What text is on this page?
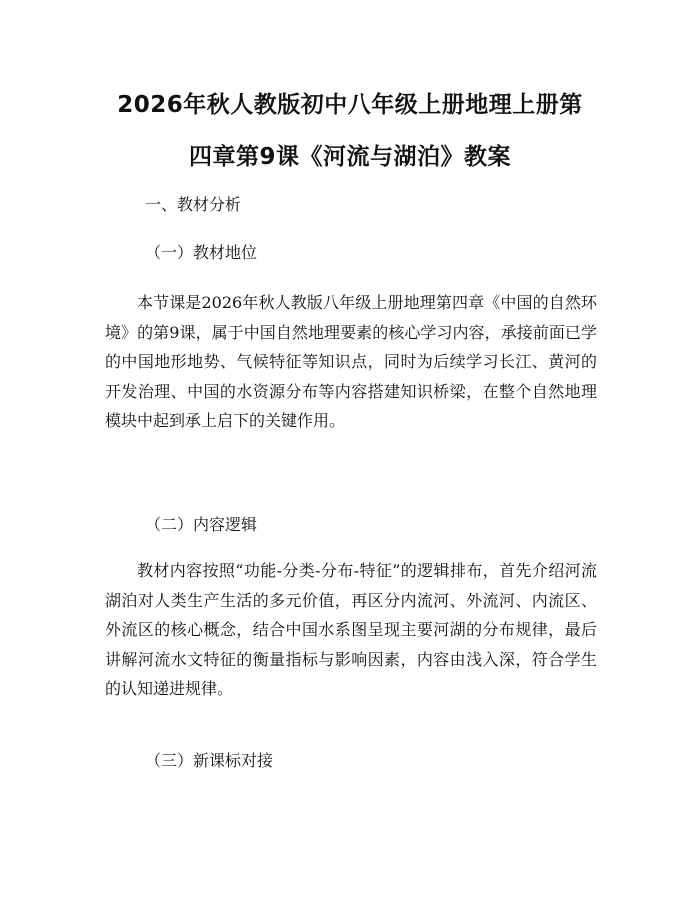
2026年秋人教版初中八年级上册地理上册第
四章第9课《河流与湖泊》教案
一、教材分析
（一）教材地位

本节课是2026年秋人教版八年级上册地理第四章《中国的自然环境》的第9课，属于中国自然地理要素的核心学习内容，承接前面已学的中国地形地势、气候特征等知识点，同时为后续学习长江、黄河的开发治理、中国的水资源分布等内容搭建知识桥梁，在整个自然地理模块中起到承上启下的关键作用。

（二）内容逻辑

教材内容按照“功能-分类-分布-特征”的逻辑排布，首先介绍河流湖泊对人类生产生活的多元价值，再区分内流河、外流河、内流区、外流区的核心概念，结合中国水系图呈现主要河湖的分布规律，最后讲解河流水文特征的衡量指标与影响因素，内容由浅入深，符合学生的认知递进规律。

（三）新课标对接
